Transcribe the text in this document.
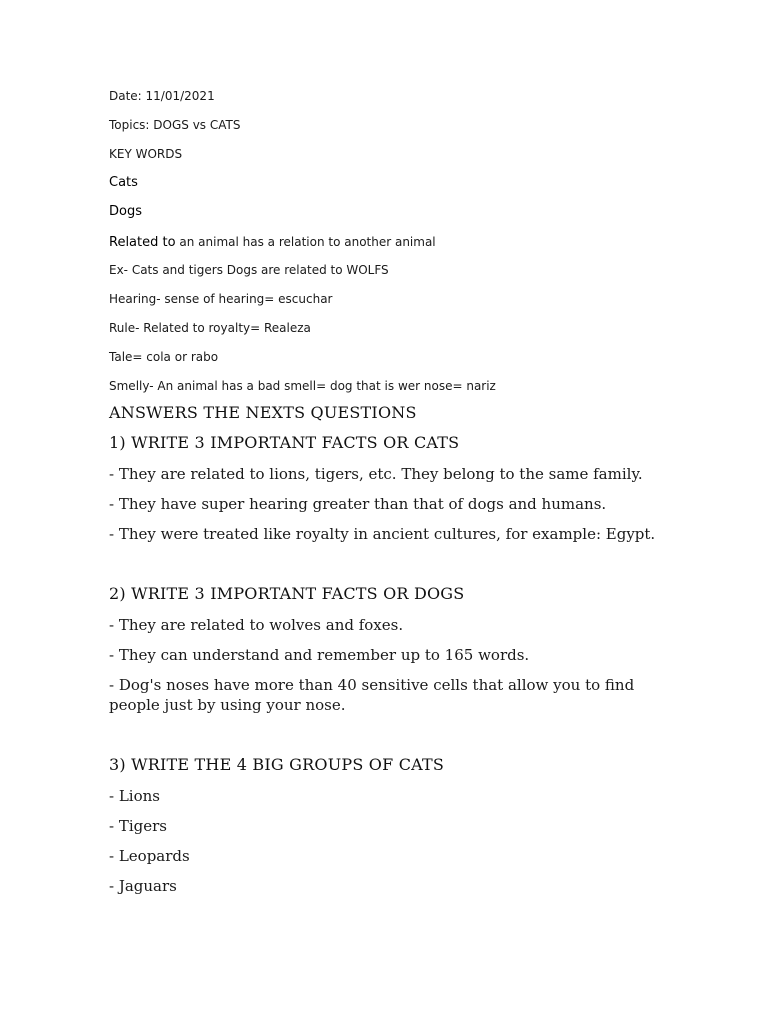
Date: 11/01/2021
Topics: DOGS vs CATS
KEY WORDS
Cats
Dogs
Related to an animal has a relation to another animal
Ex- Cats and tigers Dogs are related to WOLFS
Hearing- sense of hearing= escuchar
Rule- Related to royalty= Realeza
Tale= cola or rabo
Smelly- An animal has a bad smell= dog that is wer nose= nariz
ANSWERS THE NEXTS QUESTIONS
1) WRITE 3 IMPORTANT FACTS OR CATS
- They are related to lions, tigers, etc. They belong to the same family.
- They have super hearing greater than that of dogs and humans.
- They were treated like royalty in ancient cultures, for example: Egypt.
2) WRITE 3 IMPORTANT FACTS OR DOGS
- They are related to wolves and foxes.
- They can understand and remember up to 165 words.
- Dog's noses have more than 40 sensitive cells that allow you to find people just by using your nose.
3) WRITE THE 4 BIG GROUPS OF CATS
- Lions
- Tigers
- Leopards
- Jaguars
